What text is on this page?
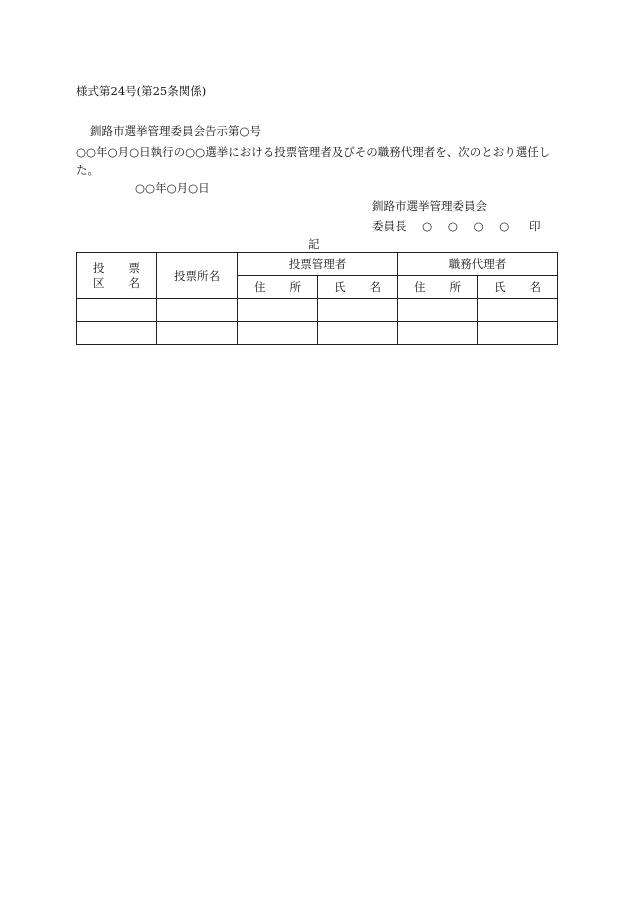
様式第24号(第25条関係)
釧路市選挙管理委員会告示第○号
○○年○月○日執行の○○選挙における投票管理者及びその職務代理者を、次のとおり選任した。
○○年○月○日
釧路市選挙管理委員会
委員長 ○ ○ ○ ○ 印
記
投 票
区 名	投票所名	投票管理者		職務代理者	
		住　　所	氏　　名	住　　所	氏　　名
